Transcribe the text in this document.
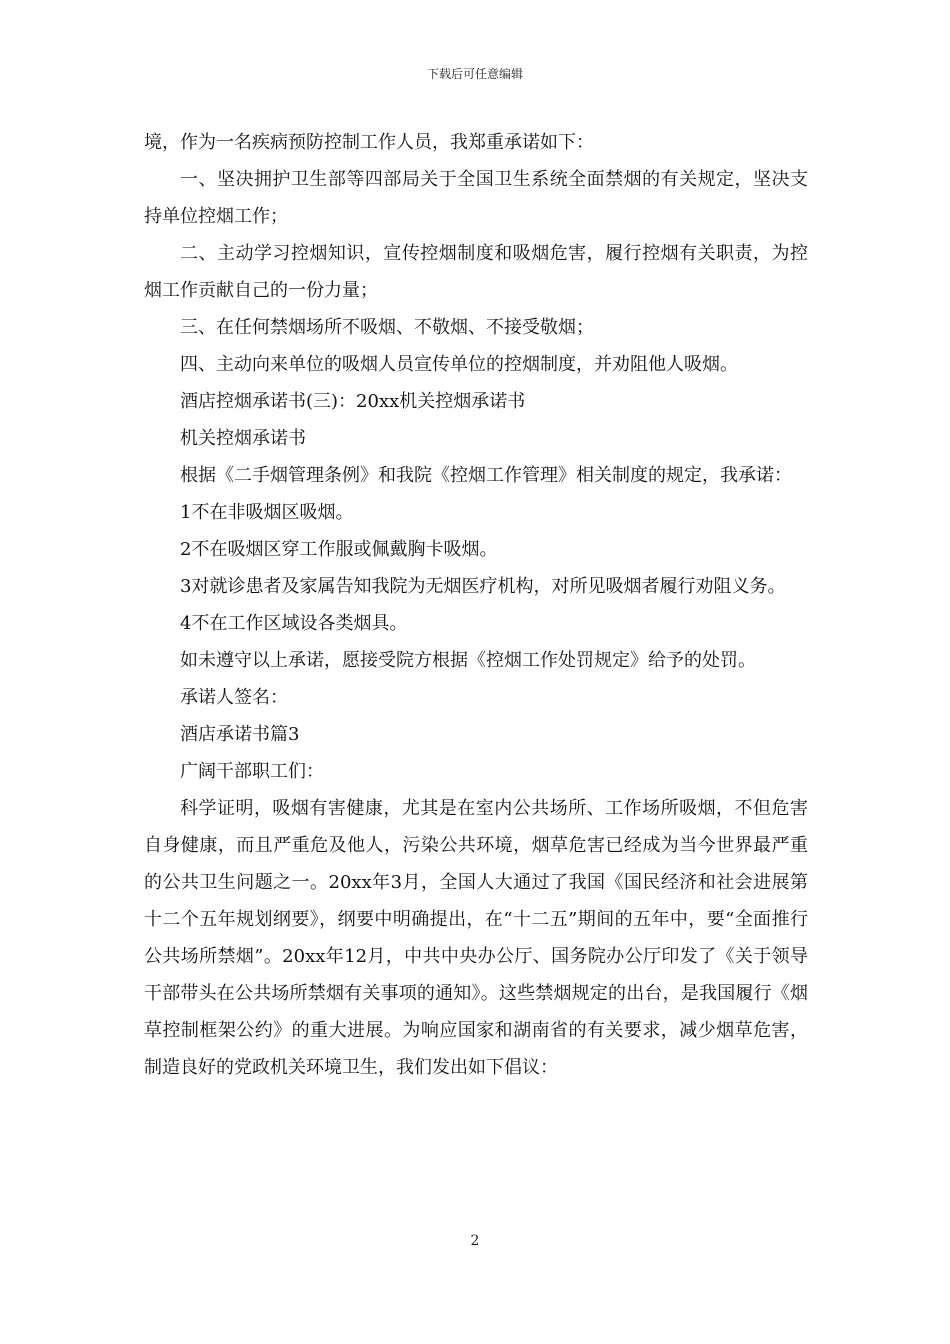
下载后可任意编辑

境，作为一名疾病预防控制工作人员，我郑重承诺如下：

一、坚决拥护卫生部等四部局关于全国卫生系统全面禁烟的有关规定，坚决支持单位控烟工作；

二、主动学习控烟知识，宣传控烟制度和吸烟危害，履行控烟有关职责，为控烟工作贡献自己的一份力量；

三、在任何禁烟场所不吸烟、不敬烟、不接受敬烟；

四、主动向来单位的吸烟人员宣传单位的控烟制度，并劝阻他人吸烟。

酒店控烟承诺书(三)：20xx机关控烟承诺书

机关控烟承诺书

根据《二手烟管理条例》和我院《控烟工作管理》相关制度的规定，我承诺：

1不在非吸烟区吸烟。

2不在吸烟区穿工作服或佩戴胸卡吸烟。

3对就诊患者及家属告知我院为无烟医疗机构，对所见吸烟者履行劝阻义务。

4不在工作区域设各类烟具。

如未遵守以上承诺，愿接受院方根据《控烟工作处罚规定》给予的处罚。

承诺人签名：

酒店承诺书篇3

广阔干部职工们：

科学证明，吸烟有害健康，尤其是在室内公共场所、工作场所吸烟，不但危害自身健康，而且严重危及他人，污染公共环境，烟草危害已经成为当今世界最严重的公共卫生问题之一。20xx年3月，全国人大通过了我国《国民经济和社会进展第十二个五年规划纲要》，纲要中明确提出，在“十二五”期间的五年中，要“全面推行公共场所禁烟”。20xx年12月，中共中央办公厅、国务院办公厅印发了《关于领导干部带头在公共场所禁烟有关事项的通知》。这些禁烟规定的出台，是我国履行《烟草控制框架公约》的重大进展。为响应国家和湖南省的有关要求，减少烟草危害，制造良好的党政机关环境卫生，我们发出如下倡议：

2
